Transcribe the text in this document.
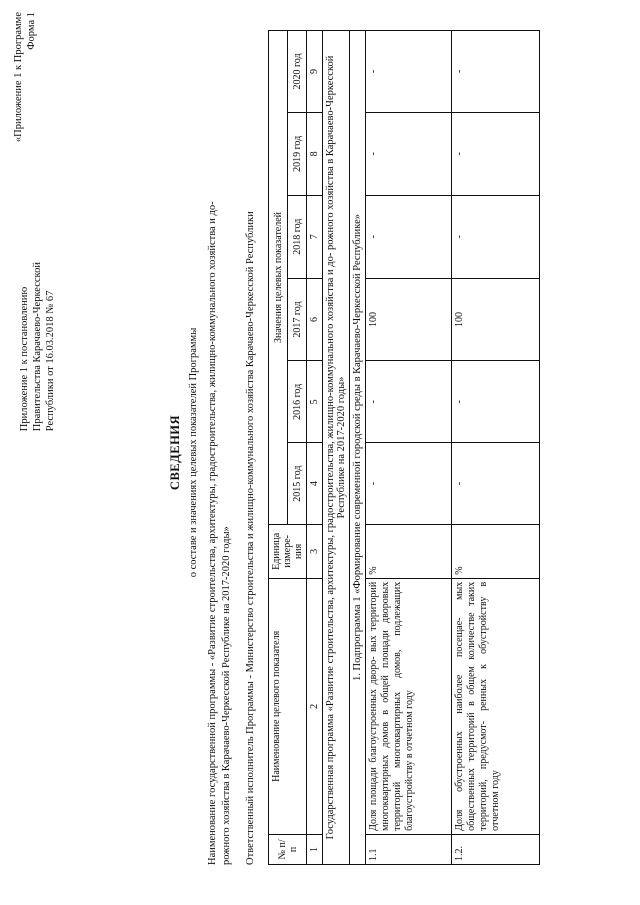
Приложение 1 к постановлению Правительства Карачаево-Черкесской Республики от 16.03.2018 № 67
«Приложение 1 к Программе Форма 1
СВЕДЕНИЯ о составе и значениях целевых показателей Программы Наименование государственной программы - «Развитие строительства, архитектуры, градостроительства, жилищно-коммунального хозяйства и до- рожного хозяйства в Карачаево-Черкесской Республике на 2017-2020 годы» Ответственный исполнитель Программы - Министерство строительства и жилищно-коммунального хозяйства Карачаево-Черкесской Республики № п/п	Наименование целевого показателя	Единица измере- ния	Значения целевых показателей					
			2015 год	2016 год	2017 год	2018 год	2019 год	2020 год
1	2	3	4	5	6	7	8	9
Государственная программа «Развитие строительства, архитектуры, градостроительства, жилищно-коммунального хозяйства и до- рожного хозяйства в Карачаево-Черкесской Республике на 2017-2020 годы»								
1. Подпрограмма 1 «Формирование современной городской среды в Карачаево-Черкесской Республике»								
1.1	Доля площади благоустроенных дворо- вых территорий многоквартирных домов в общей площади дворовых территорий многоквартирных домов, подлежащих благоустройству в отчетном году	%	-	-	100	-	-	-
1.2.	Доля обустроенных наиболее посещае- мых общественных территорий в общем количестве таких территорий, предусмот- ренных к обустройству в отчетном году	%	-	-	100	-	-	-
